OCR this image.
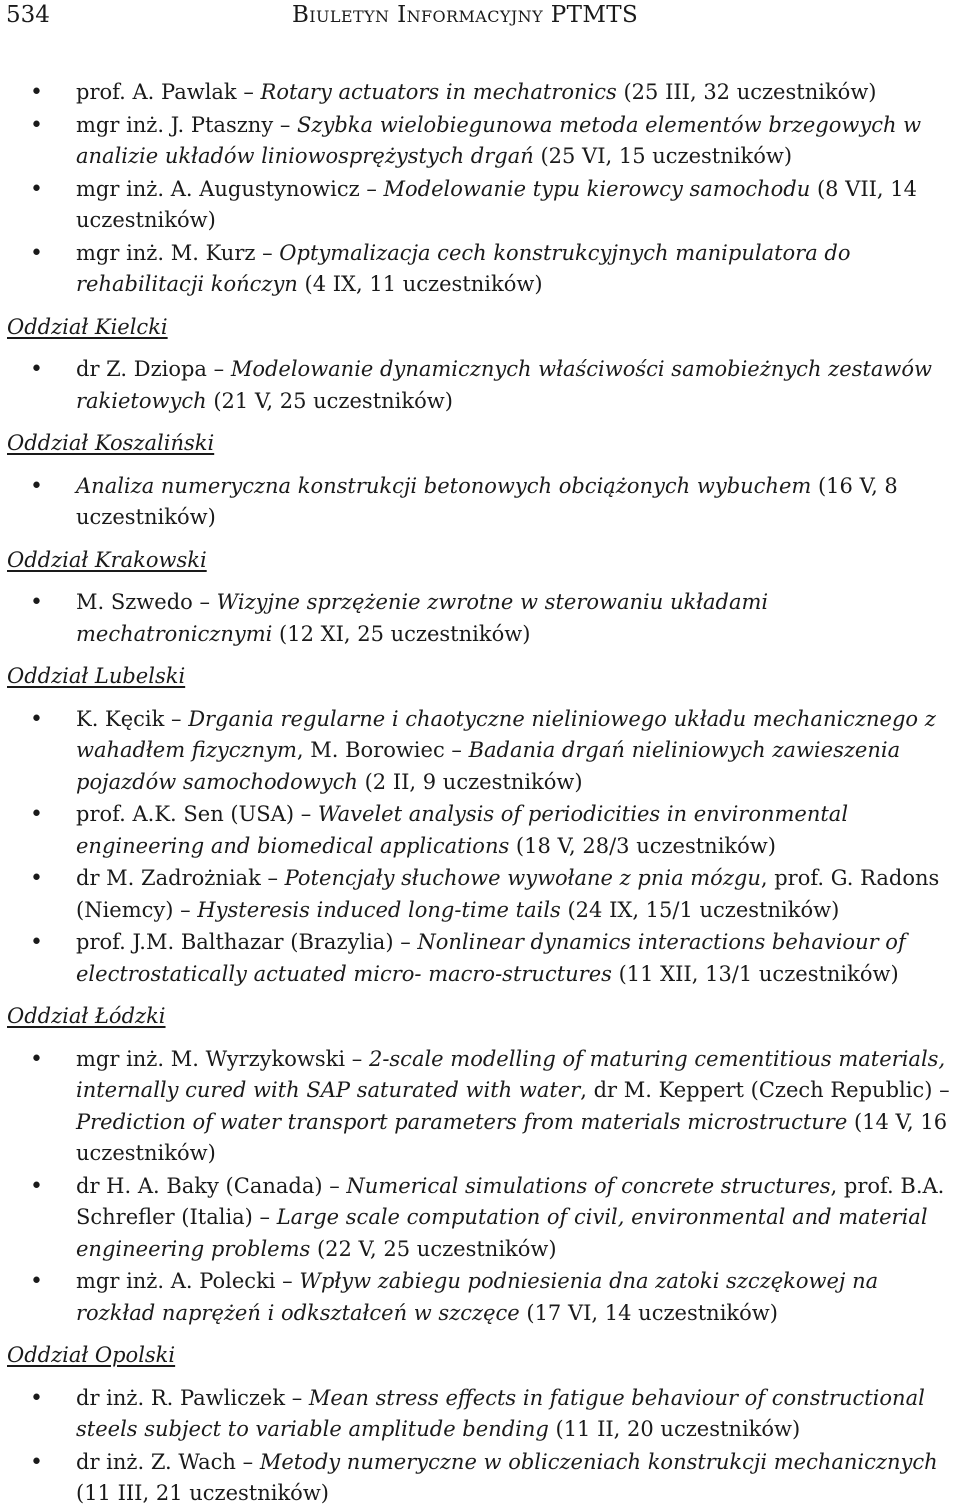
534	Biuletyn Informacyjny PTMTS
• prof. A. Pawlak – Rotary actuators in mechatronics (25 III, 32 uczestników)
• mgr inż. J. Ptaszny – Szybka wielobiegunowa metoda elementów brzegowych w analizie układów liniowosprężystych drgań (25 VI, 15 uczestników)
• mgr inż. A. Augustynowicz – Modelowanie typu kierowcy samochodu (8 VII, 14 uczestników)
• mgr inż. M. Kurz – Optymalizacja cech konstrukcyjnych manipulatora do rehabilitacji kończyn (4 IX, 11 uczestników)
Oddział Kielcki
• dr Z. Dziopa – Modelowanie dynamicznych właściwości samobieżnych zestawów rakietowych (21 V, 25 uczestników)
Oddział Koszaliński
• Analiza numeryczna konstrukcji betonowych obciążonych wybuchem (16 V, 8 uczestników)
Oddział Krakowski
• M. Szwedo – Wizyjne sprzężenie zwrotne w sterowaniu układami mechatronicznymi (12 XI, 25 uczestników)
Oddział Lubelski
• K. Kęcik – Drgania regularne i chaotyczne nieliniowego układu mechanicznego z wahadłem fizycznym, M. Borowiec – Badania drgań nieliniowych zawieszenia pojazdów samochodowych (2 II, 9 uczestników)
• prof. A.K. Sen (USA) – Wavelet analysis of periodicities in environmental engineering and biomedical applications (18 V, 28/3 uczestników)
• dr M. Zadrożniak – Potencjały słuchowe wywołane z pnia mózgu, prof. G. Radons (Niemcy) – Hysteresis induced long-time tails (24 IX, 15/1 uczestników)
• prof. J.M. Balthazar (Brazylia) – Nonlinear dynamics interactions behaviour of electrostatically actuated micro- macro-structures (11 XII, 13/1 uczestników)
Oddział Łódzki
• mgr inż. M. Wyrzykowski – 2-scale modelling of maturing cementitious materials, internally cured with SAP saturated with water, dr M. Keppert (Czech Republic) – Prediction of water transport parameters from materials microstructure (14 V, 16 uczestników)
• dr H. A. Baky (Canada) – Numerical simulations of concrete structures, prof. B.A. Schrefler (Italia) – Large scale computation of civil, environmental and material engineering problems (22 V, 25 uczestników)
• mgr inż. A. Polecki – Wpływ zabiegu podniesienia dna zatoki szczękowej na rozkład naprężeń i odkształceń w szczęce (17 VI, 14 uczestników)
Oddział Opolski
• dr inż. R. Pawliczek – Mean stress effects in fatigue behaviour of constructional steels subject to variable amplitude bending (11 II, 20 uczestników)
• dr inż. Z. Wach – Metody numeryczne w obliczeniach konstrukcji mechanicznych (11 III, 21 uczestników)
